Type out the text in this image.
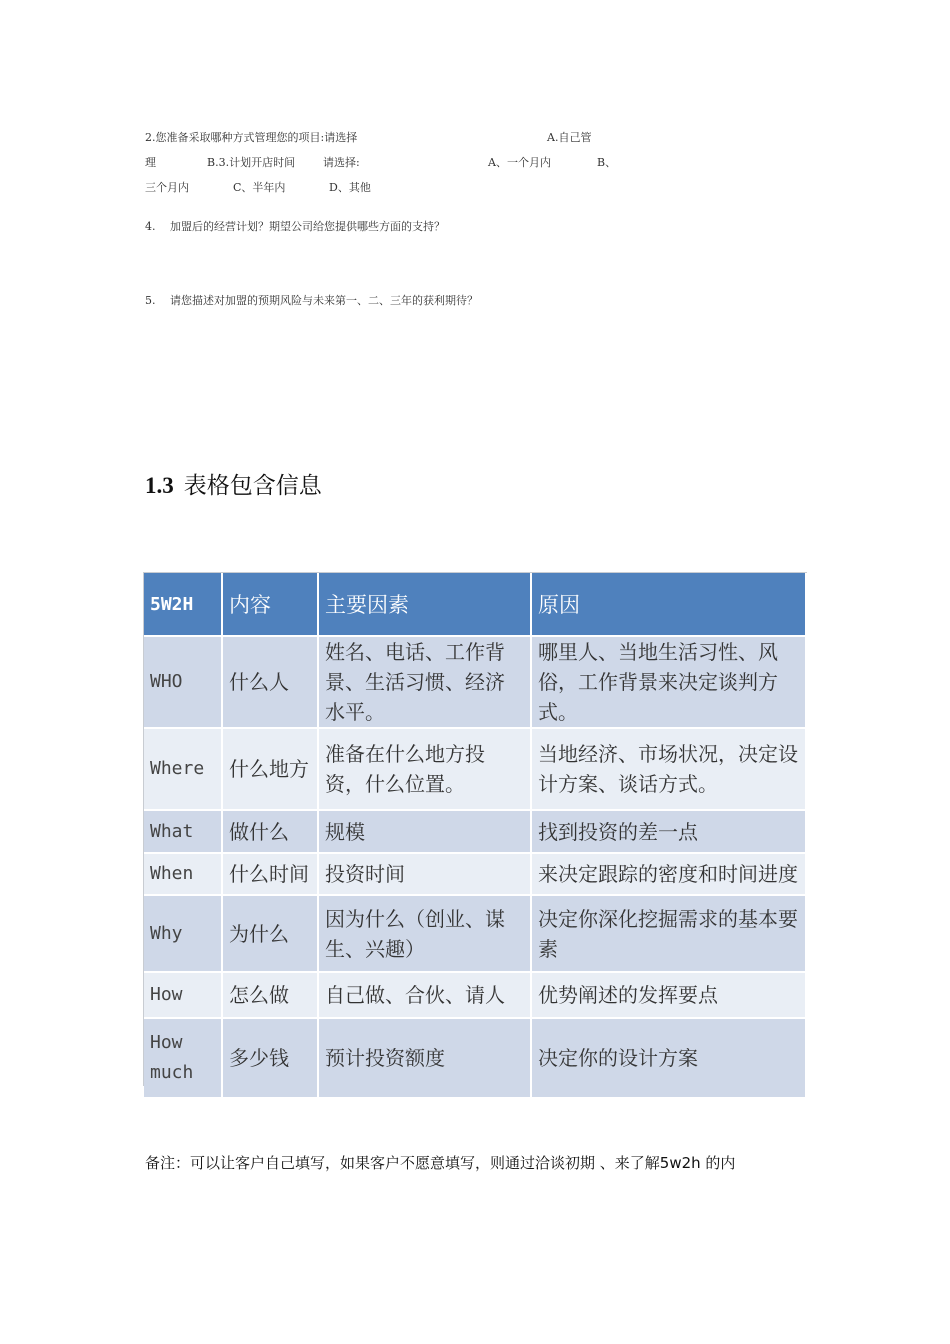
2.您准备采取哪种方式管理您的项目:请选择	A.自己管
理	B.3.计划开店时间	请选择:	A、一个月内	B、
三个月内	C、半年内	D、其他
4. 加盟后的经营计划？期望公司给您提供哪些方面的支持？
5. 请您描述对加盟的预期风险与未来第一、二、三年的获利期待？
1.3 表格包含信息
5W2H	内容	主要因素	原因
WHO	什么人	姓名、电话、工作背景、生活习惯、经济水平。	哪里人、当地生活习性、风俗，工作背景来决定谈判方式。
Where	什么地方	准备在什么地方投资，什么位置。	当地经济、市场状况，决定设计方案、谈话方式。
What	做什么	规模	找到投资的差一点
When	什么时间	投资时间	来决定跟踪的密度和时间进度
Why	为什么	因为什么（创业、谋生、兴趣）	决定你深化挖掘需求的基本要素
How	怎么做	自己做、合伙、请人	优势阐述的发挥要点
How much	多少钱	预计投资额度	决定你的设计方案
备注：可以让客户自己填写，如果客户不愿意填写，则通过洽谈初期 、来了解5w2h 的内
